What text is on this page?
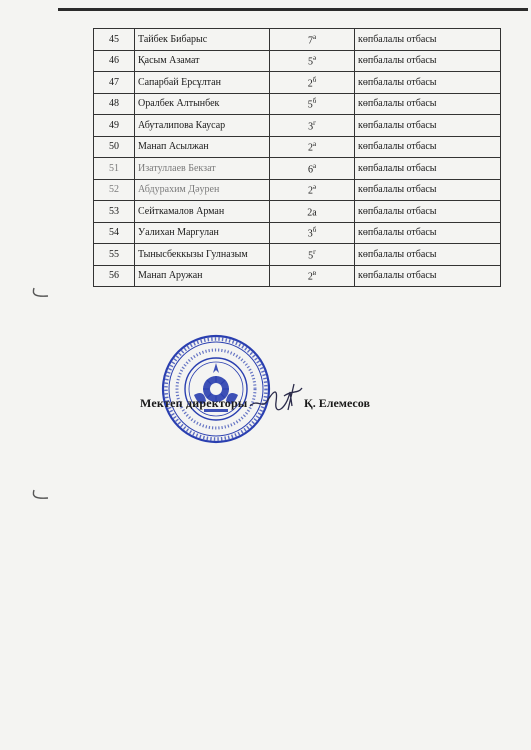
45	Тайбек Бибарыс	$7^а$	көпбалалы отбасы
46	Қасым Азамат	$5^ә$	көпбалалы отбасы
47	Сапарбай Ерсұлтан	$2^б$	көпбалалы отбасы
48	Оралбек Алтынбек	$5^б$	көпбалалы отбасы
49	Абуталипова Каусар	$3^г$	көпбалалы отбасы
50	Манап Асылжан	$2^а$	көпбалалы отбасы
51	Изатуллаев Бекзат	$6^а$	көпбалалы отбасы
52	Абдурахим Дәурен	$2^ә$	көпбалалы отбасы
53	Сейткамалов Арман	2а	көпбалалы отбасы
54	Уалихан Маргулан	$3^б$	көпбалалы отбасы
55	Тынысбеккызы Гулназым	$5^г$	көпбалалы отбасы
56	Манап Аружан	$2^в$	көпбалалы отбасы
Мектеп директоры	Қ. Елемесов
